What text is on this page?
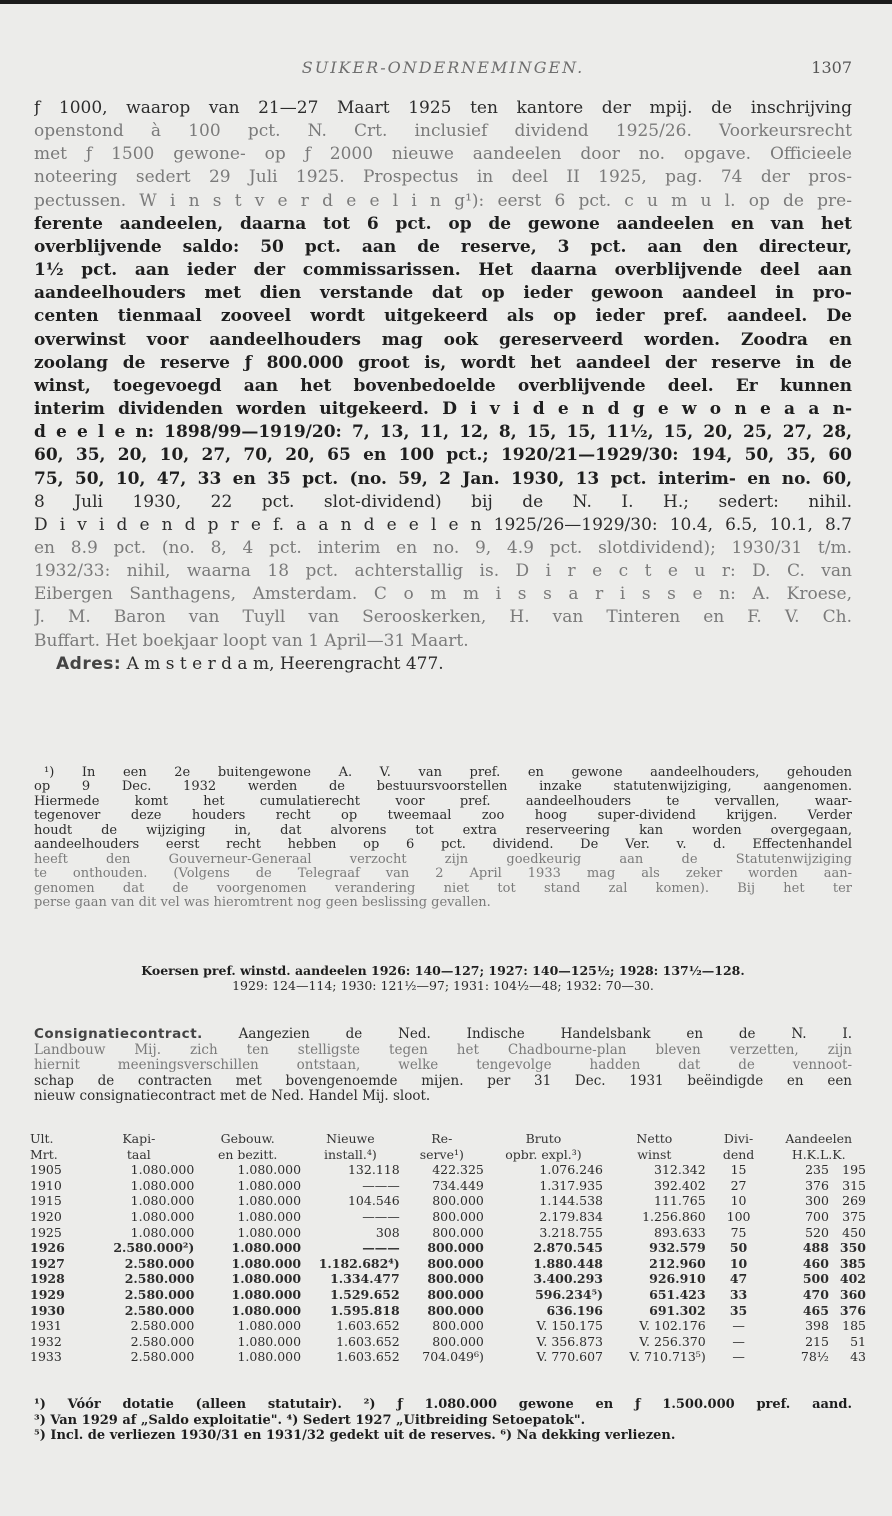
SUIKER-ONDERNEMINGEN.	1307
ƒ 1000, waarop van 21—27 Maart 1925 ten kantore der mpij. de inschrijving
openstond à 100 pct. N. Crt. inclusief dividend 1925/26. Voorkeursrecht
met ƒ 1500 gewone- op ƒ 2000 nieuwe aandeelen door no. opgave. Officieele
noteering sedert 29 Juli 1925. Prospectus in deel II 1925, pag. 74 der pros-
pectussen. W i n s t v e r d e e l i n g¹): eerst 6 pct. c u m u l. op de pre-
ferente aandeelen, daarna tot 6 pct. op de gewone aandeelen en van het
overblijvende saldo: 50 pct. aan de reserve, 3 pct. aan den directeur,
1½ pct. aan ieder der commissarissen. Het daarna overblijvende deel aan
aandeelhouders met dien verstande dat op ieder gewoon aandeel in pro-
centen tienmaal zooveel wordt uitgekeerd als op ieder pref. aandeel. De
overwinst voor aandeelhouders mag ook gereserveerd worden. Zoodra en
zoolang de reserve ƒ 800.000 groot is, wordt het aandeel der reserve in de
winst, toegevoegd aan het bovenbedoelde overblijvende deel. Er kunnen
interim dividenden worden uitgekeerd. D i v i d e n d g e w o n e a a n-
d e e l e n: 1898/99—1919/20: 7, 13, 11, 12, 8, 15, 15, 11½, 15, 20, 25, 27, 28,
60, 35, 20, 10, 27, 70, 20, 65 en 100 pct.; 1920/21—1929/30: 194, 50, 35, 60
75, 50, 10, 47, 33 en 35 pct. (no. 59, 2 Jan. 1930, 13 pct. interim- en no. 60,
8 Juli 1930, 22 pct. slot-dividend) bij de N. I. H.; sedert: nihil.
D i v i d e n d p r e f. a a n d e e l e n 1925/26—1929/30: 10.4, 6.5, 10.1, 8.7
en 8.9 pct. (no. 8, 4 pct. interim en no. 9, 4.9 pct. slotdividend); 1930/31 t/m.
1932/33: nihil, waarna 18 pct. achterstallig is. D i r e c t e u r: D. C. van
Eibergen Santhagens, Amsterdam. C o m m i s s a r i s s e n: A. Kroese,
J. M. Baron van Tuyll van Serooskerken, H. van Tinteren en F. V. Ch.
Buffart. Het boekjaar loopt van 1 April—31 Maart.
Adres: A m s t e r d a m, Heerengracht 477.
¹) In een 2e buitengewone A. V. van pref. en gewone aandeelhouders, gehouden
op 9 Dec. 1932 werden de bestuursvoorstellen inzake statutenwijziging, aangenomen.
Hiermede komt het cumulatierecht voor pref. aandeelhouders te vervallen, waar-
tegenover deze houders recht op tweemaal zoo hoog super-dividend krijgen. Verder
houdt de wijziging in, dat alvorens tot extra reserveering kan worden overgegaan,
aandeelhouders eerst recht hebben op 6 pct. dividend. De Ver. v. d. Effectenhandel
heeft den Gouverneur-Generaal verzocht zijn goedkeurig aan de Statutenwijziging
te onthouden. (Volgens de Telegraaf van 2 April 1933 mag als zeker worden aan-
genomen dat de voorgenomen verandering niet tot stand zal komen). Bij het ter
perse gaan van dit vel was hieromtrent nog geen beslissing gevallen.
Koersen pref. winstd. aandeelen 1926: 140—127; 1927: 140—125½; 1928: 137½—128.
1929: 124—114; 1930: 121½—97; 1931: 104½—48; 1932: 70—30.
Consignatiecontract.	Aangezien de Ned. Indische Handelsbank en de N. I.
Landbouw Mij. zich ten stelligste tegen het Chadbourne-plan bleven verzetten, zijn
hiernit meeningsverschillen ontstaan, welke tengevolge hadden dat de vennoot-
schap de contracten met bovengenoemde mijen. per 31 Dec. 1931 beëindigde en een
nieuw consignatiecontract met de Ned. Handel Mij. sloot.
Ult.	Kapi-	Gebouw.	Nieuwe	Re-	Bruto	Netto	Divi-	Aandeelen	
Mrt.	taal	en bezitt.	install.⁴)	serve¹)	opbr. expl.³)	winst	dend	H.K.L.K.	
1905	1.080.000	1.080.000	132.118	422.325	1.076.246	312.342	15	235	195
1910	1.080.000	1.080.000	———	734.449	1.317.935	392.402	27	376	315
1915	1.080.000	1.080.000	104.546	800.000	1.144.538	111.765	10	300	269
1920	1.080.000	1.080.000	———	800.000	2.179.834	1.256.860	100	700	375
1925	1.080.000	1.080.000	308	800.000	3.218.755	893.633	75	520	450
1926	2.580.000²)	1.080.000	———	800.000	2.870.545	932.579	50	488	350
1927	2.580.000	1.080.000	1.182.682⁴)	800.000	1.880.448	212.960	10	460	385
1928	2.580.000	1.080.000	1.334.477	800.000	3.400.293	926.910	47	500	402
1929	2.580.000	1.080.000	1.529.652	800.000	596.234⁵)	651.423	33	470	360
1930	2.580.000	1.080.000	1.595.818	800.000	636.196	691.302	35	465	376
1931	2.580.000	1.080.000	1.603.652	800.000	V. 150.175	V. 102.176	—	398	185
1932	2.580.000	1.080.000	1.603.652	800.000	V. 356.873	V. 256.370	—	215	51
1933	2.580.000	1.080.000	1.603.652	704.049⁶)	V. 770.607	V. 710.713⁵)	—	78½	43
¹) Vóór dotatie (alleen statutair). ²) ƒ 1.080.000 gewone en ƒ 1.500.000 pref. aand.
³) Van 1929 af „Saldo exploitatie". ⁴) Sedert 1927 „Uitbreiding Setoepatok".
⁵) Incl. de verliezen 1930/31 en 1931/32 gedekt uit de reserves. ⁶) Na dekking verliezen.
